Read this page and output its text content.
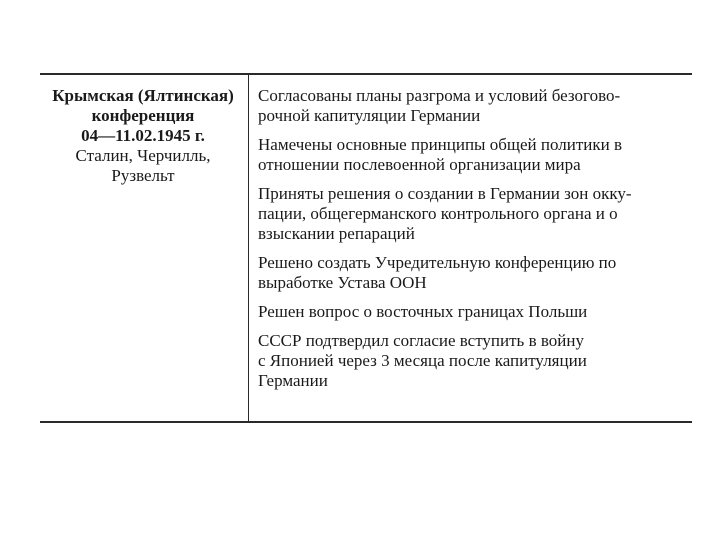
Крымская (Ялтинская)
конференция
04—11.02.1945 г.
Сталин, Черчилль,
Рузвельт
Согласованы планы разгрома и условий безогово-
рочной капитуляции Германии
Намечены основные принципы общей политики в
отношении послевоенной организации мира
Приняты решения о создании в Германии зон окку-
пации, общегерманского контрольного органа и о
взыскании репараций
Решено создать Учредительную конференцию по
выработке Устава ООН
Решен вопрос о восточных границах Польши
СССР подтвердил согласие вступить в войну
с Японией через 3 месяца после капитуляции
Германии
